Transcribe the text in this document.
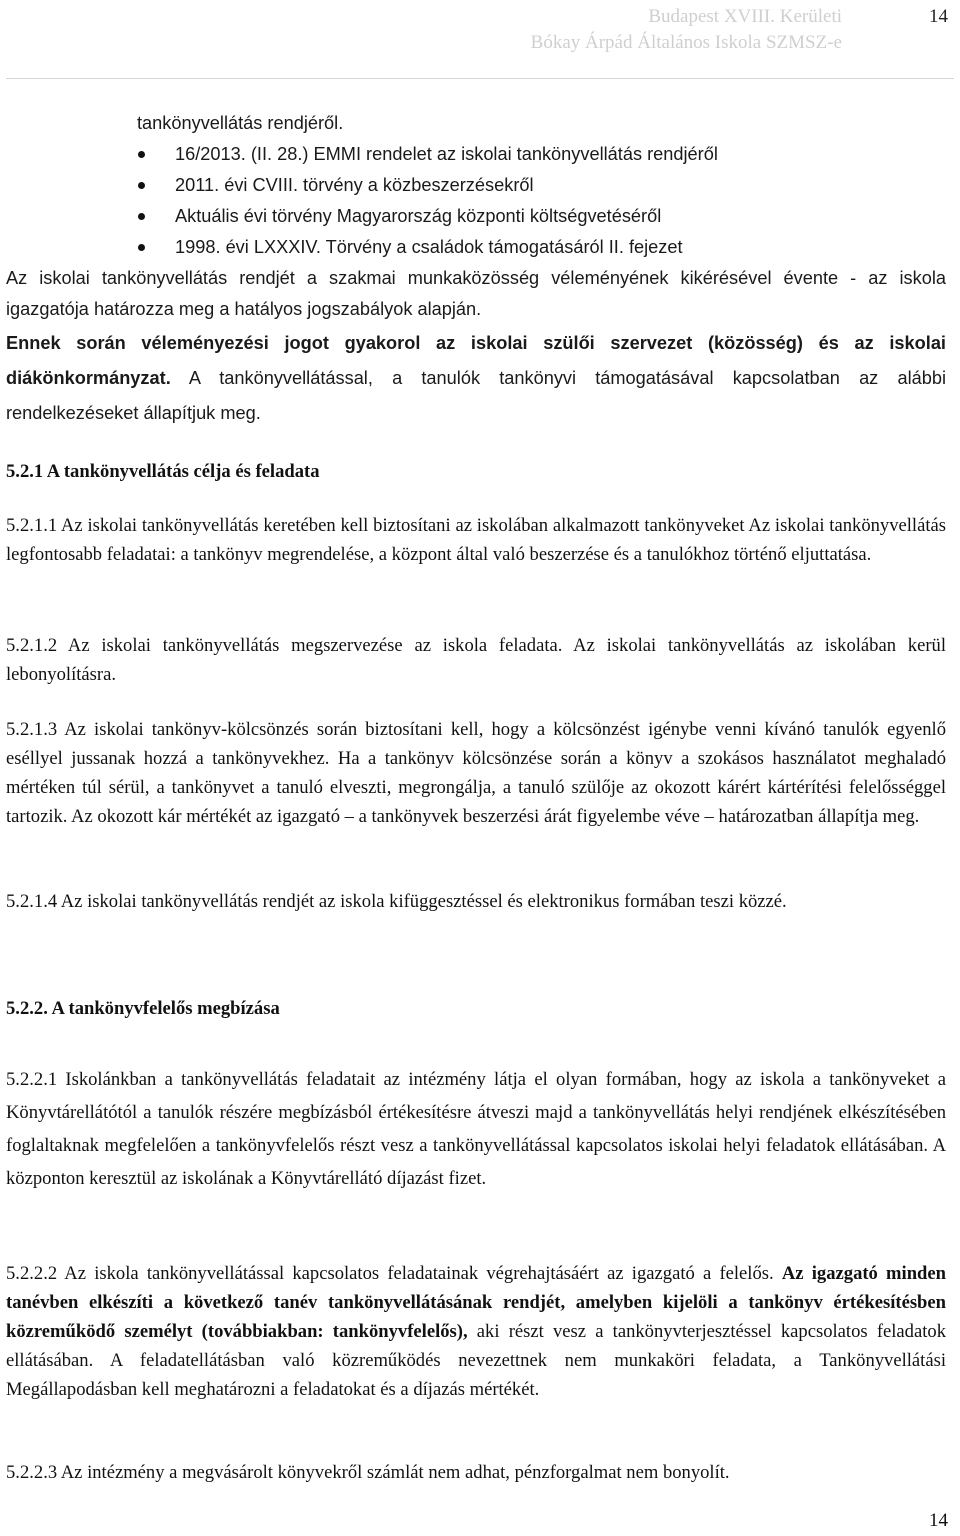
Budapest XVIII. Kerületi
Bókay Árpád Általános Iskola SZMSZ-e
14
tankönyvellátás rendjéről.
16/2013. (II. 28.) EMMI rendelet az iskolai tankönyvellátás rendjéről
2011. évi CVIII. törvény a közbeszerzésekről
Aktuális évi törvény Magyarország központi költségvetéséről
1998. évi LXXXIV. Törvény a családok támogatásáról II. fejezet

Az iskolai tankönyvellátás rendjét a szakmai munkaközösség véleményének kikérésével évente - az iskola igazgatója határozza meg a hatályos jogszabályok alapján.

Ennek során véleményezési jogot gyakorol az iskolai szülői szervezet (közösség) és az iskolai diákönkormányzat. A tankönyvellátással, a tanulók tankönyvi támogatásával kapcsolatban az alábbi rendelkezéseket állapítjuk meg.

5.2.1 A tankönyvellátás célja és feladata

5.2.1.1 Az iskolai tankönyvellátás keretében kell biztosítani az iskolában alkalmazott tankönyveket Az iskolai tankönyvellátás legfontosabb feladatai: a tankönyv megrendelése, a központ által való beszerzése és a tanulókhoz történő eljuttatása.

5.2.1.2 Az iskolai tankönyvellátás megszervezése az iskola feladata. Az iskolai tankönyvellátás az iskolában kerül lebonyolításra.

5.2.1.3 Az iskolai tankönyv-kölcsönzés során biztosítani kell, hogy a kölcsönzést igénybe venni kívánó tanulók egyenlő eséllyel jussanak hozzá a tankönyvekhez. Ha a tankönyv kölcsönzése során a könyv a szokásos használatot meghaladó mértéken túl sérül, a tankönyvet a tanuló elveszti, megrongálja, a tanuló szülője az okozott kárért kártérítési felelősséggel tartozik. Az okozott kár mértékét az igazgató – a tankönyvek beszerzési árát figyelembe véve – határozatban állapítja meg.

5.2.1.4 Az iskolai tankönyvellátás rendjét az iskola kifüggesztéssel és elektronikus formában teszi közzé.

5.2.2. A tankönyvfelelős megbízása

5.2.2.1 Iskolánkban a tankönyvellátás feladatait az intézmény látja el olyan formában, hogy az iskola a tankönyveket a Könyvtárellátótól a tanulók részére megbízásból értékesítésre átveszi majd a tankönyvellátás helyi rendjének elkészítésében foglaltaknak megfelelően a tankönyvfelelős részt vesz a tankönyvellátással kapcsolatos iskolai helyi feladatok ellátásában. A központon keresztül az iskolának a Könyvtárellátó díjazást fizet.

5.2.2.2 Az iskola tankönyvellátással kapcsolatos feladatainak végrehajtásáért az igazgató a felelős. Az igazgató minden tanévben elkészíti a következő tanév tankönyvellátásának rendjét, amelyben kijelöli a tankönyv értékesítésben közreműködő személyt (továbbiakban: tankönyvfelelős), aki részt vesz a tankönyvterjesztéssel kapcsolatos feladatok ellátásában. A feladatellátásban való közreműködés nevezettnek nem munkaköri feladata, a Tankönyvellátási Megállapodásban kell meghatározni a feladatokat és a díjazás mértékét.

5.2.2.3 Az intézmény a megvásárolt könyvekről számlát nem adhat, pénzforgalmat nem bonyolít.

14
